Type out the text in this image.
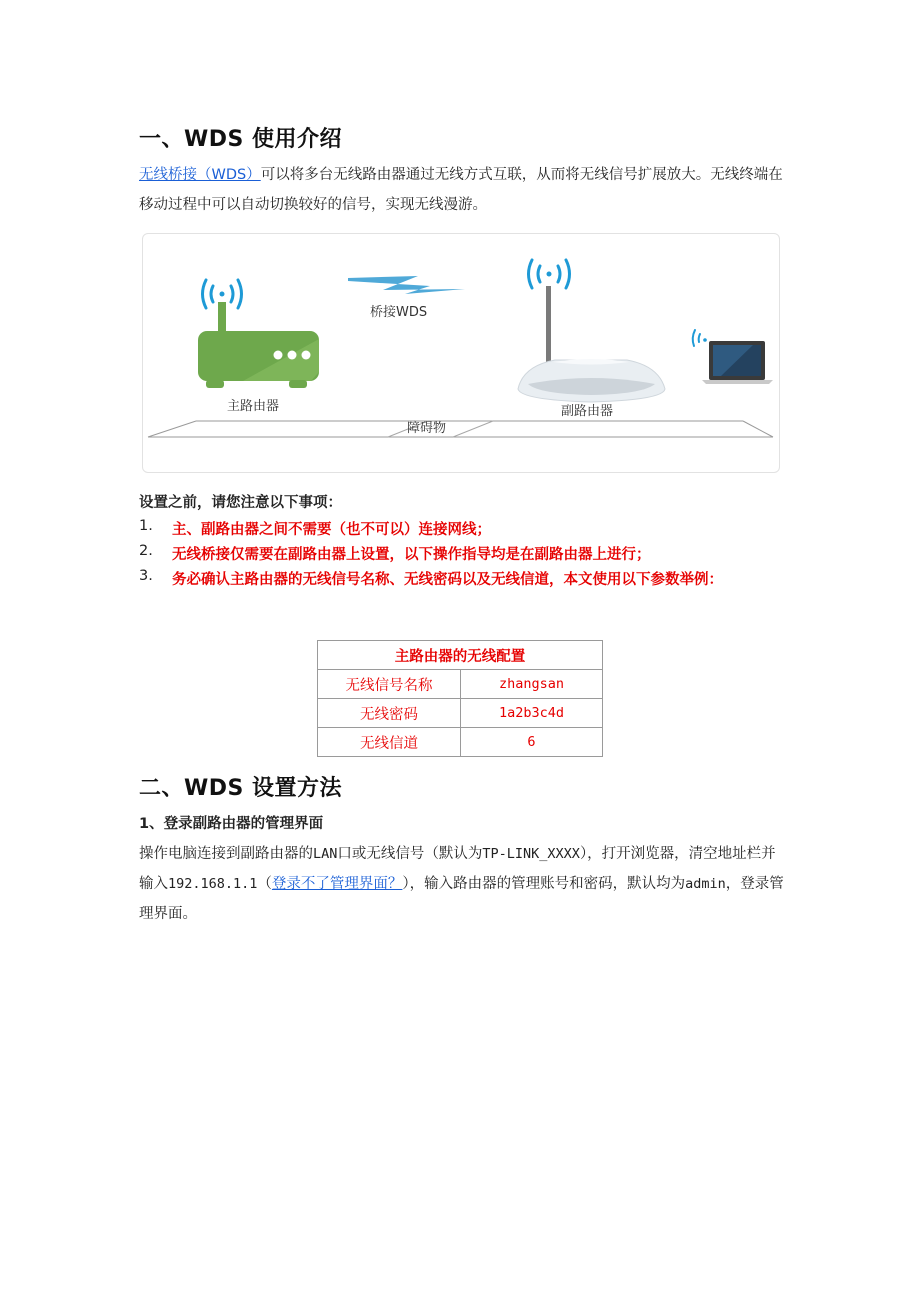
一、WDS 使用介绍

无线桥接（WDS）可以将多台无线路由器通过无线方式互联，从而将无线信号扩展放大。无线终端在移动过程中可以自动切换较好的信号，实现无线漫游。

主路由器
桥接WDS
副路由器
障碍物

设置之前，请您注意以下事项：

1.	主、副路由器之间不需要（也不可以）连接网线；
2.	无线桥接仅需要在副路由器上设置，以下操作指导均是在副路由器上进行；
3.	务必确认主路由器的无线信号名称、无线密码以及无线信道，本文使用以下参数举例：
主路由器的无线配置	
无线信号名称	zhangsan
无线密码	1a2b3c4d
无线信道	6
二、WDS 设置方法

1、登录副路由器的管理界面

操作电脑连接到副路由器的LAN口或无线信号（默认为TP-LINK_XXXX），打开浏览器，清空地址栏并输入192.168.1.1（登录不了管理界面？），输入路由器的管理账号和密码，默认均为admin，登录管理界面。
